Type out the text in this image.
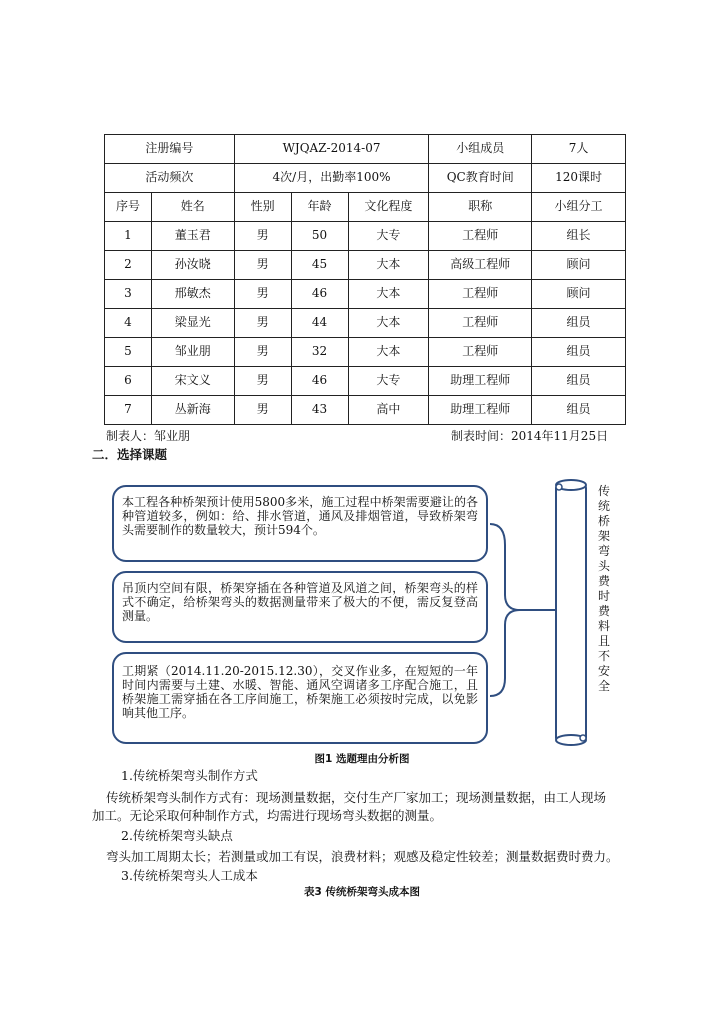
注册编号		WJQAZ-2014-07			小组成员	7人
活动频次		4次/月，出勤率100%			QC教育时间	120课时
序号	姓名	性别	年龄	文化程度	职称	小组分工
1	董玉君	男	50	大专	工程师	组长
2	孙汝晓	男	45	大本	高级工程师	顾问
3	邢敏杰	男	46	大本	工程师	顾问
4	梁显光	男	44	大本	工程师	组员
5	邹业朋	男	32	大本	工程师	组员
6	宋文义	男	46	大专	助理工程师	组员
7	丛新海	男	43	高中	助理工程师	组员
制表人：邹业朋	制表时间：2014年11月25日
二．选择课题
本工程各种桥架预计使用5800多米，施工过程中桥架需要避让的各种管道较多，例如：给、排水管道，通风及排烟管道，导致桥架弯头需要制作的数量较大，预计594个。
吊顶内空间有限，桥架穿插在各种管道及风道之间，桥架弯头的样式不确定，给桥架弯头的数据测量带来了极大的不便，需反复登高测量。
工期紧（2014.11.20-2015.12.30），交叉作业多，在短短的一年时间内需要与土建、水暖、智能、通风空调诸多工序配合施工，且桥架施工需穿插在各工序间施工，桥架施工必须按时完成，以免影响其他工序。
传统桥架弯头费时费料且不安全
图1 选题理由分析图
1.传统桥架弯头制作方式
传统桥架弯头制作方式有：现场测量数据，交付生产厂家加工；现场测量数据，由工人现场
加工。无论采取何种制作方式，均需进行现场弯头数据的测量。
2.传统桥架弯头缺点
弯头加工周期太长；若测量或加工有误，浪费材料；观感及稳定性较差；测量数据费时费力。
3.传统桥架弯头人工成本
表3 传统桥架弯头成本图
